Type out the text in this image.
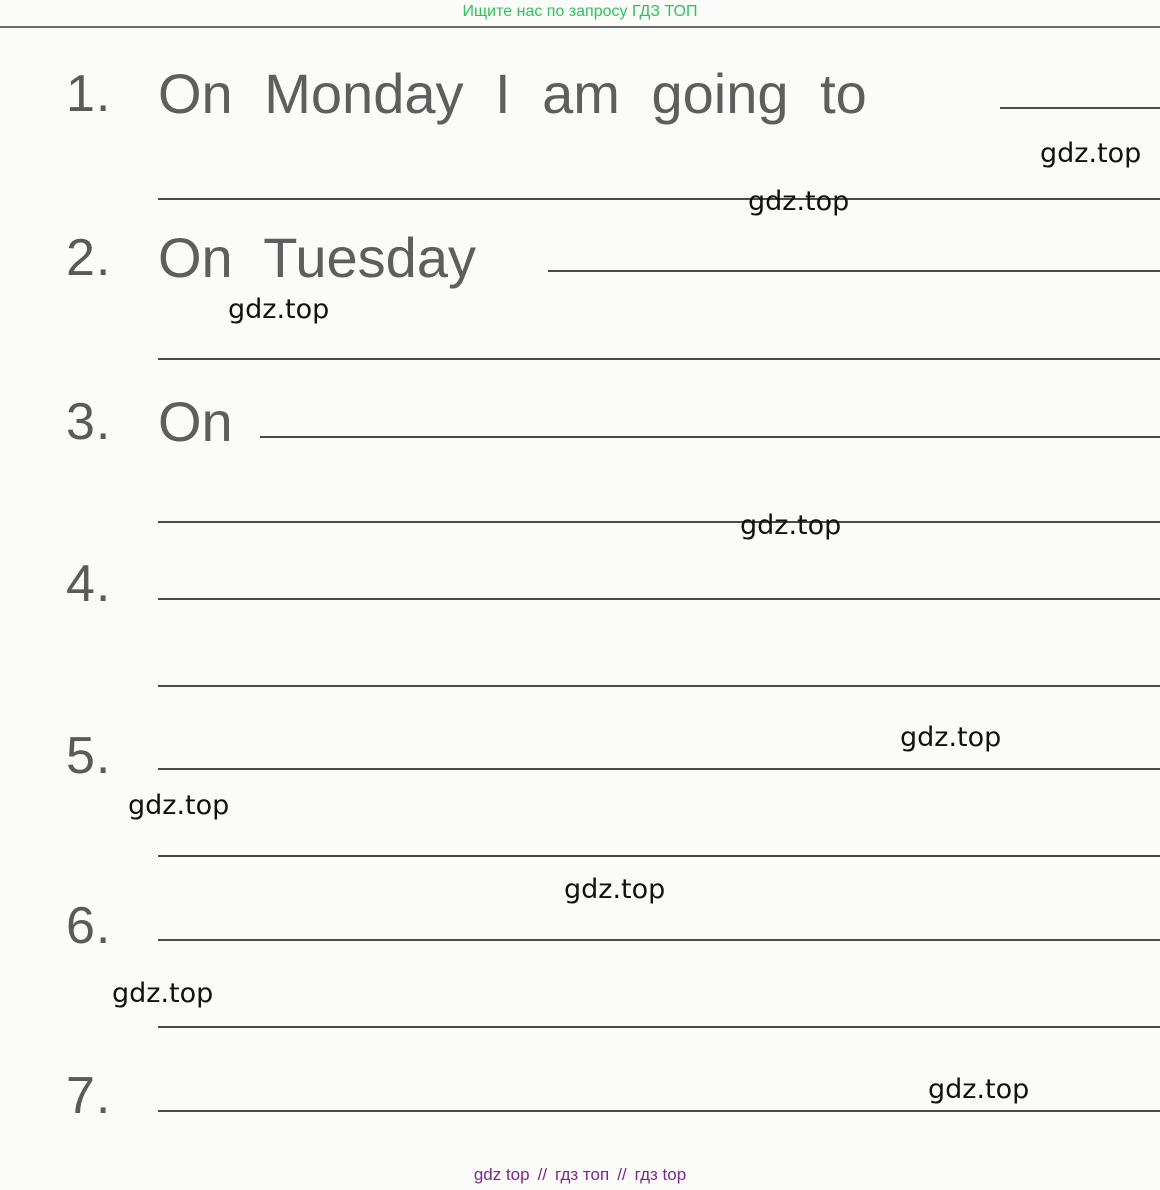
Ищите нас по запросу ГДЗ ТОП
1. On Monday I am going to
2. On Tuesday
3. On
4.
5.
6.
7.
gdz.top
gdz.top
gdz.top
gdz.top
gdz.top
gdz.top
gdz.top
gdz.top
gdz.top
gdz top // гдз топ // гдз top
